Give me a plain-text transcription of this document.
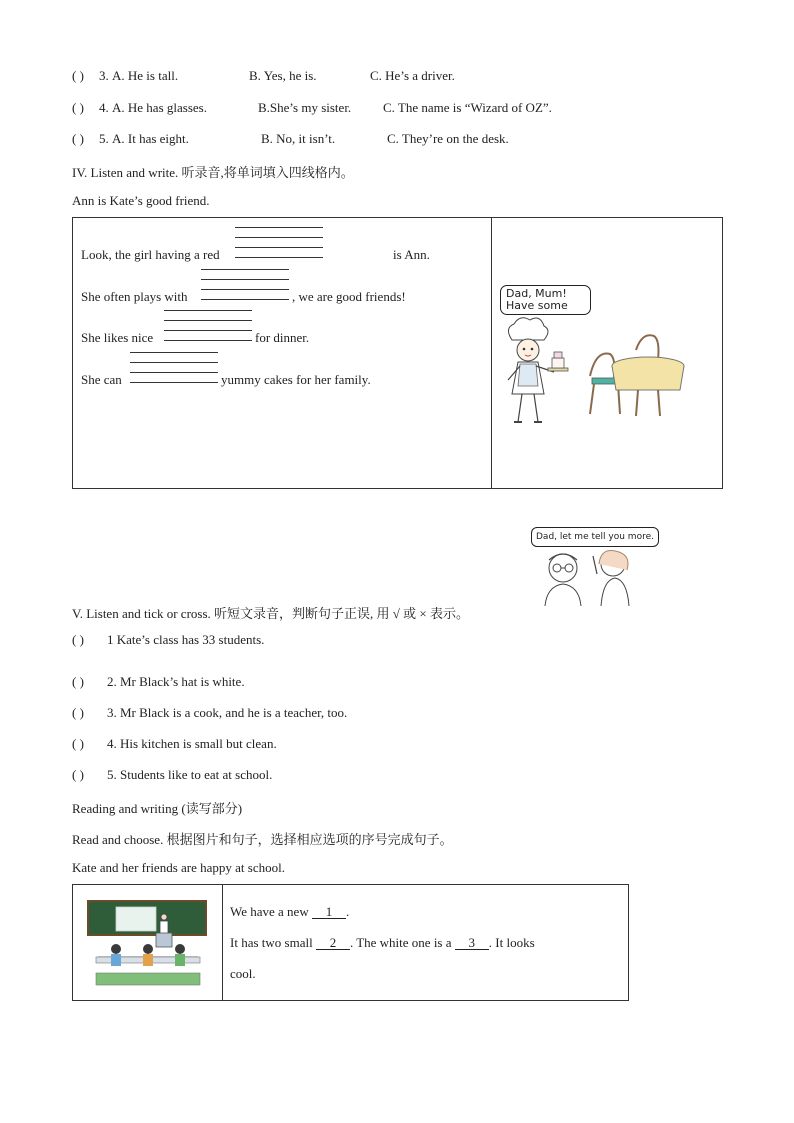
( ) 3. A. He is tall.	B. Yes, he is.	C. He’s a driver.
( ) 4. A. He has glasses.	B.She’s my sister. C. The name is “Wizard of OZ”.
( ) 5. A. It has eight.	B. No, it isn’t.	C. They’re on the desk.
IV. Listen and write. 听录音,将单词填入四线格内。
Ann is Kate’s good friend.
Look, the girl having a red	is Ann.
She often plays with	, we are good friends!
She likes nice	for dinner.
She can	yummy cakes for her family.
Dad, Mum!
Have some
Dad, let me tell you more.
V. Listen and tick or cross. 听短文录音，判断句子正误, 用 √ 或 × 表示。
( ) 1 Kate’s class has 33 students.
( ) 2. Mr Black’s hat is white.
( ) 3. Mr Black is a cook, and he is a teacher, too.
( ) 4. His kitchen is small but clean.
( ) 5. Students like to eat at school.
Reading and writing (读写部分)
Read and choose. 根据图片和句子，选择相应选项的序号完成句子。
Kate and her friends are happy at school.
We have a new 1 .
It has two small 2 . The white one is a 3 . It looks
cool.
